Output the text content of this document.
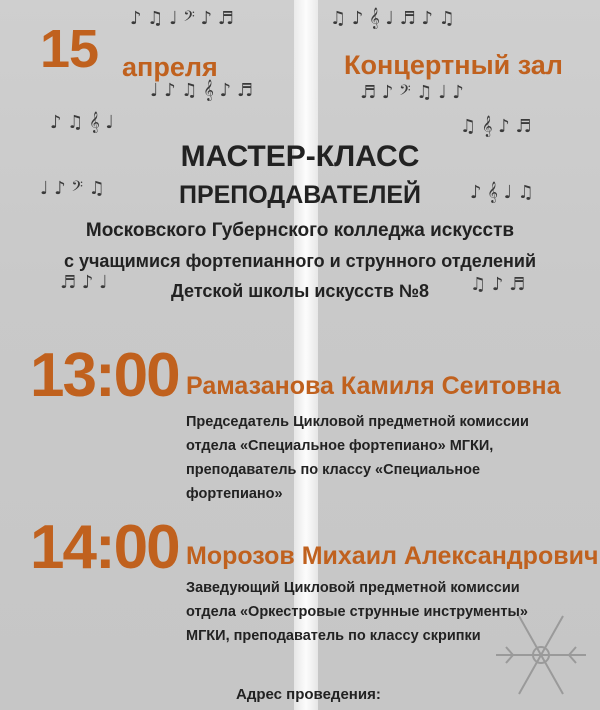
♪ ♫ ♩ 𝄢 ♪ ♬	♫ ♪ 𝄞 ♩ ♬ ♪ ♫
♩ ♪ ♫ 𝄞 ♪ ♬	♬ ♪ 𝄢 ♫ ♩ ♪
♪ ♫ 𝄞 ♩	♫ 𝄞 ♪ ♬
♩ ♪ 𝄢 ♫	♪ 𝄞 ♩ ♫
♬ ♪ ♩	♫ ♪ ♬
15 апреля	Концертный зал
МАСТЕР-КЛАСС
ПРЕПОДАВАТЕЛЕЙ
Московского Губернского колледжа искусств
с учащимися фортепианного и струнного отделений
Детской школы искусств №8
13:00 Рамазанова Камиля Сеитовна
Председатель Цикловой предметной комиссии
отдела «Специальное фортепиано» МГКИ,
преподаватель по классу «Специальное
фортепиано»
14:00 Морозов Михаил Александрович
Заведующий Цикловой предметной комиссии
отдела «Оркестровые струнные инструменты»
МГКИ, преподаватель по классу скрипки
Адрес проведения:
